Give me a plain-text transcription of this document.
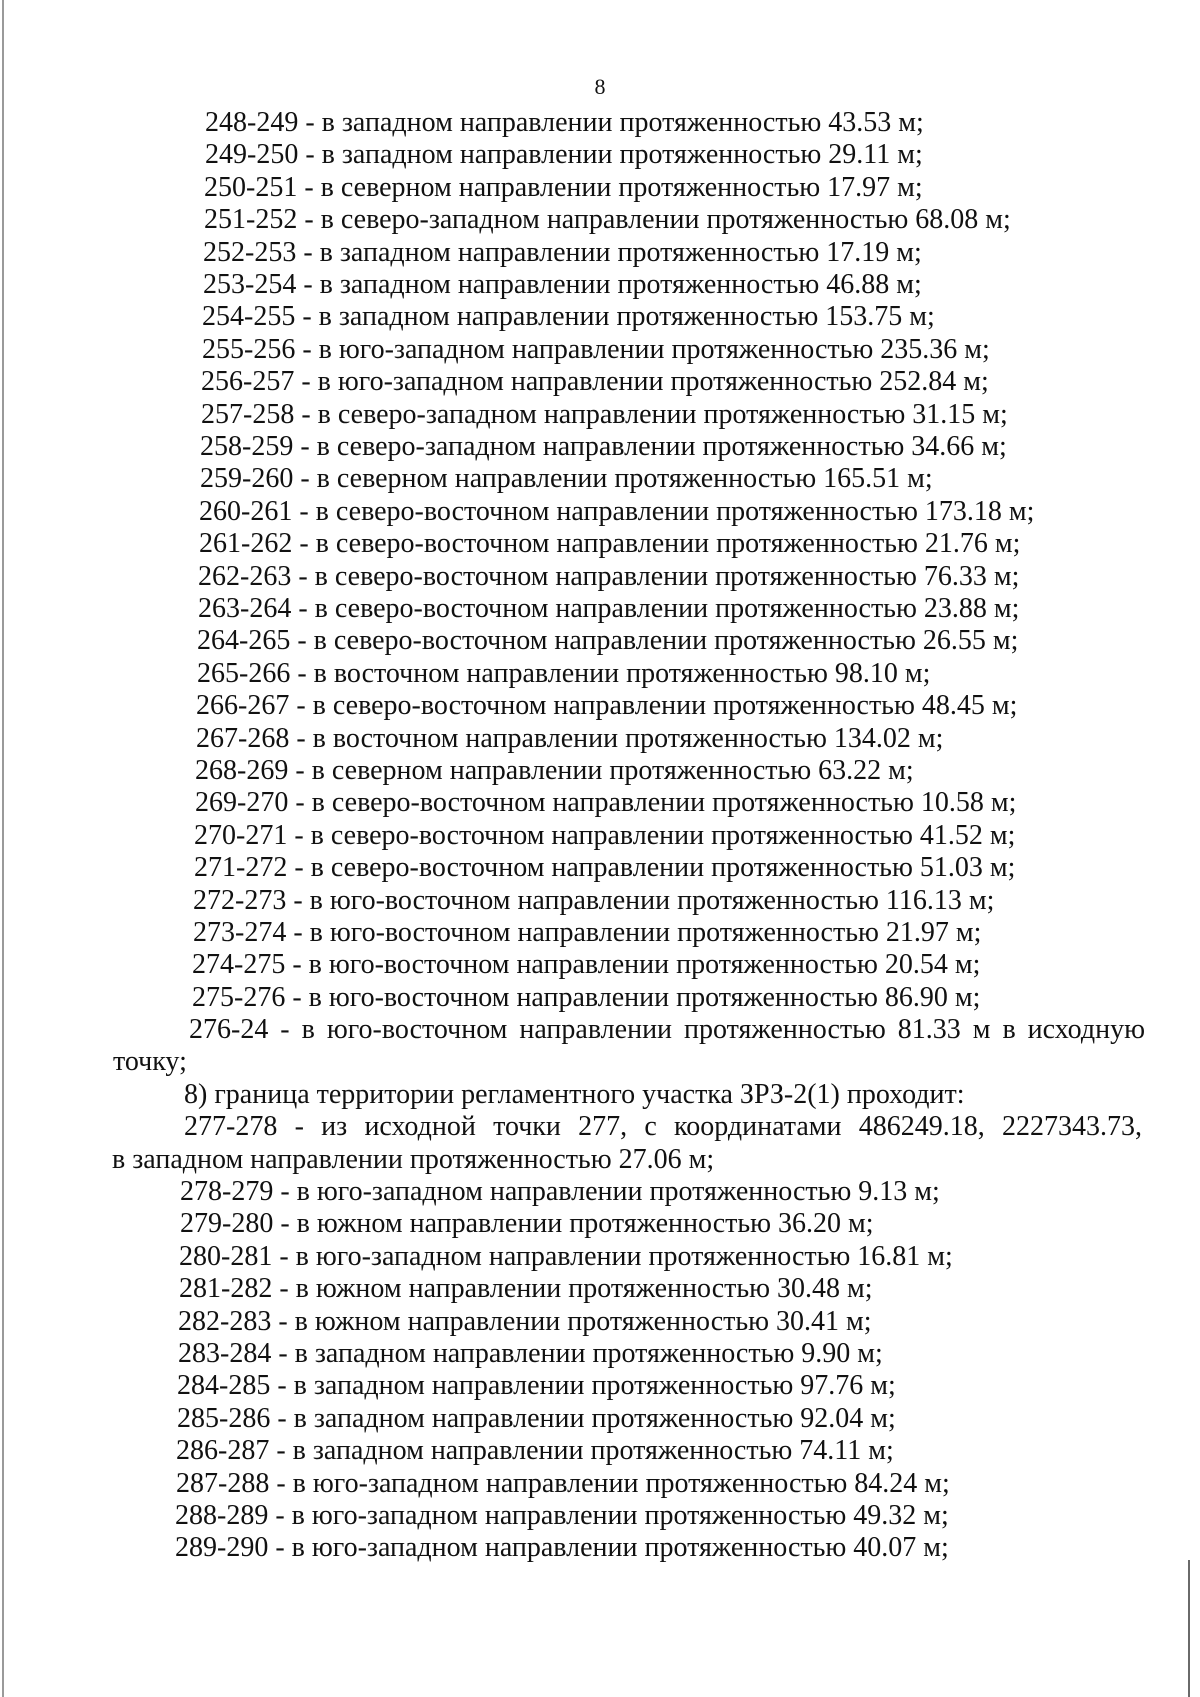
8
248-249 - в западном направлении протяженностью 43.53 м;
249-250 - в западном направлении протяженностью 29.11 м;
250-251 - в северном направлении протяженностью 17.97 м;
251-252 - в северо-западном направлении протяженностью 68.08 м;
252-253 - в западном направлении протяженностью 17.19 м;
253-254 - в западном направлении протяженностью 46.88 м;
254-255 - в западном направлении протяженностью 153.75 м;
255-256 - в юго-западном направлении протяженностью 235.36 м;
256-257 - в юго-западном направлении протяженностью 252.84 м;
257-258 - в северо-западном направлении протяженностью 31.15 м;
258-259 - в северо-западном направлении протяженностью 34.66 м;
259-260 - в северном направлении протяженностью 165.51 м;
260-261 - в северо-восточном направлении протяженностью 173.18 м;
261-262 - в северо-восточном направлении протяженностью 21.76 м;
262-263 - в северо-восточном направлении протяженностью 76.33 м;
263-264 - в северо-восточном направлении протяженностью 23.88 м;
264-265 - в северо-восточном направлении протяженностью 26.55 м;
265-266 - в восточном направлении протяженностью 98.10 м;
266-267 - в северо-восточном направлении протяженностью 48.45 м;
267-268 - в восточном направлении протяженностью 134.02 м;
268-269 - в северном направлении протяженностью 63.22 м;
269-270 - в северо-восточном направлении протяженностью 10.58 м;
270-271 - в северо-восточном направлении протяженностью 41.52 м;
271-272 - в северо-восточном направлении протяженностью 51.03 м;
272-273 - в юго-восточном направлении протяженностью 116.13 м;
273-274 - в юго-восточном направлении протяженностью 21.97 м;
274-275 - в юго-восточном направлении протяженностью 20.54 м;
275-276 - в юго-восточном направлении протяженностью 86.90 м;
276-24 - в юго-восточном направлении протяженностью 81.33 м в исходную
точку;
8) граница территории регламентного участка ЗРЗ-2(1) проходит:
277-278 - из исходной точки 277, с координатами 486249.18, 2227343.73,
в западном направлении протяженностью 27.06 м;
278-279 - в юго-западном направлении протяженностью 9.13 м;
279-280 - в южном направлении протяженностью 36.20 м;
280-281 - в юго-западном направлении протяженностью 16.81 м;
281-282 - в южном направлении протяженностью 30.48 м;
282-283 - в южном направлении протяженностью 30.41 м;
283-284 - в западном направлении протяженностью 9.90 м;
284-285 - в западном направлении протяженностью 97.76 м;
285-286 - в западном направлении протяженностью 92.04 м;
286-287 - в западном направлении протяженностью 74.11 м;
287-288 - в юго-западном направлении протяженностью 84.24 м;
288-289 - в юго-западном направлении протяженностью 49.32 м;
289-290 - в юго-западном направлении протяженностью 40.07 м;
